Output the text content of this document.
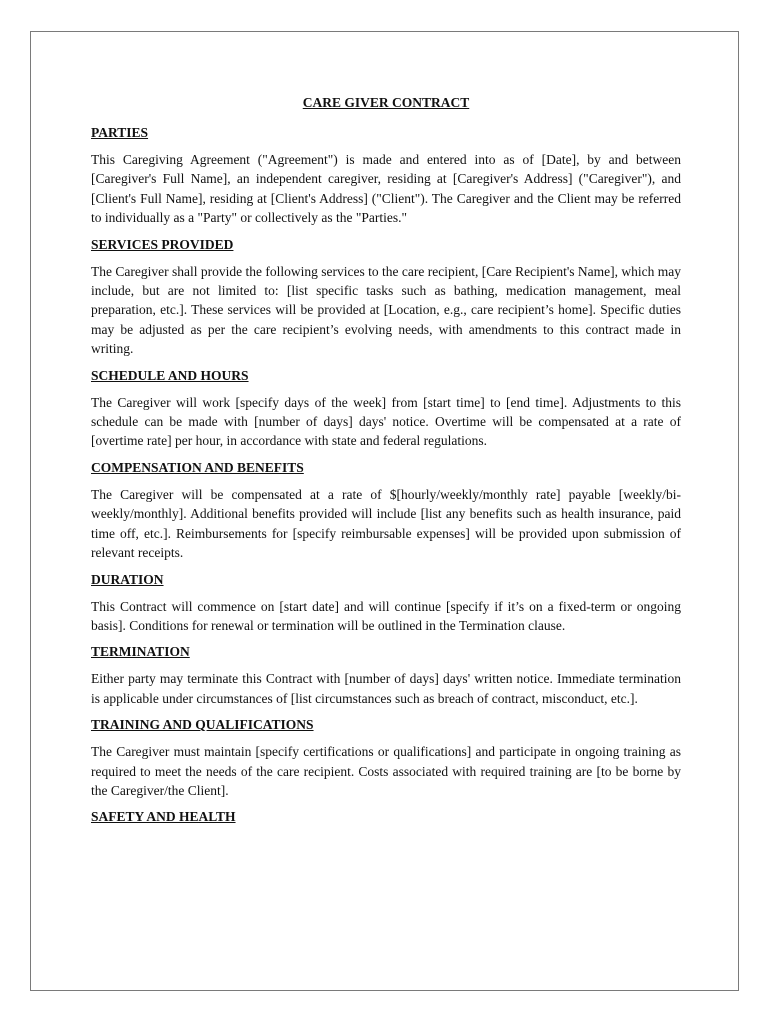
CARE GIVER CONTRACT
PARTIES
This Caregiving Agreement ("Agreement") is made and entered into as of [Date], by and between [Caregiver's Full Name], an independent caregiver, residing at [Caregiver's Address] ("Caregiver"), and [Client's Full Name], residing at [Client's Address] ("Client"). The Caregiver and the Client may be referred to individually as a "Party" or collectively as the "Parties."
SERVICES PROVIDED
The Caregiver shall provide the following services to the care recipient, [Care Recipient's Name], which may include, but are not limited to: [list specific tasks such as bathing, medication management, meal preparation, etc.]. These services will be provided at [Location, e.g., care recipient’s home]. Specific duties may be adjusted as per the care recipient’s evolving needs, with amendments to this contract made in writing.
SCHEDULE AND HOURS
The Caregiver will work [specify days of the week] from [start time] to [end time]. Adjustments to this schedule can be made with [number of days] days' notice. Overtime will be compensated at a rate of [overtime rate] per hour, in accordance with state and federal regulations.
COMPENSATION AND BENEFITS
The Caregiver will be compensated at a rate of $[hourly/weekly/monthly rate] payable [weekly/bi-weekly/monthly]. Additional benefits provided will include [list any benefits such as health insurance, paid time off, etc.]. Reimbursements for [specify reimbursable expenses] will be provided upon submission of relevant receipts.
DURATION
This Contract will commence on [start date] and will continue [specify if it’s on a fixed-term or ongoing basis]. Conditions for renewal or termination will be outlined in the Termination clause.
TERMINATION
Either party may terminate this Contract with [number of days] days' written notice. Immediate termination is applicable under circumstances of [list circumstances such as breach of contract, misconduct, etc.].
TRAINING AND QUALIFICATIONS
The Caregiver must maintain [specify certifications or qualifications] and participate in ongoing training as required to meet the needs of the care recipient. Costs associated with required training are [to be borne by the Caregiver/the Client].
SAFETY AND HEALTH
